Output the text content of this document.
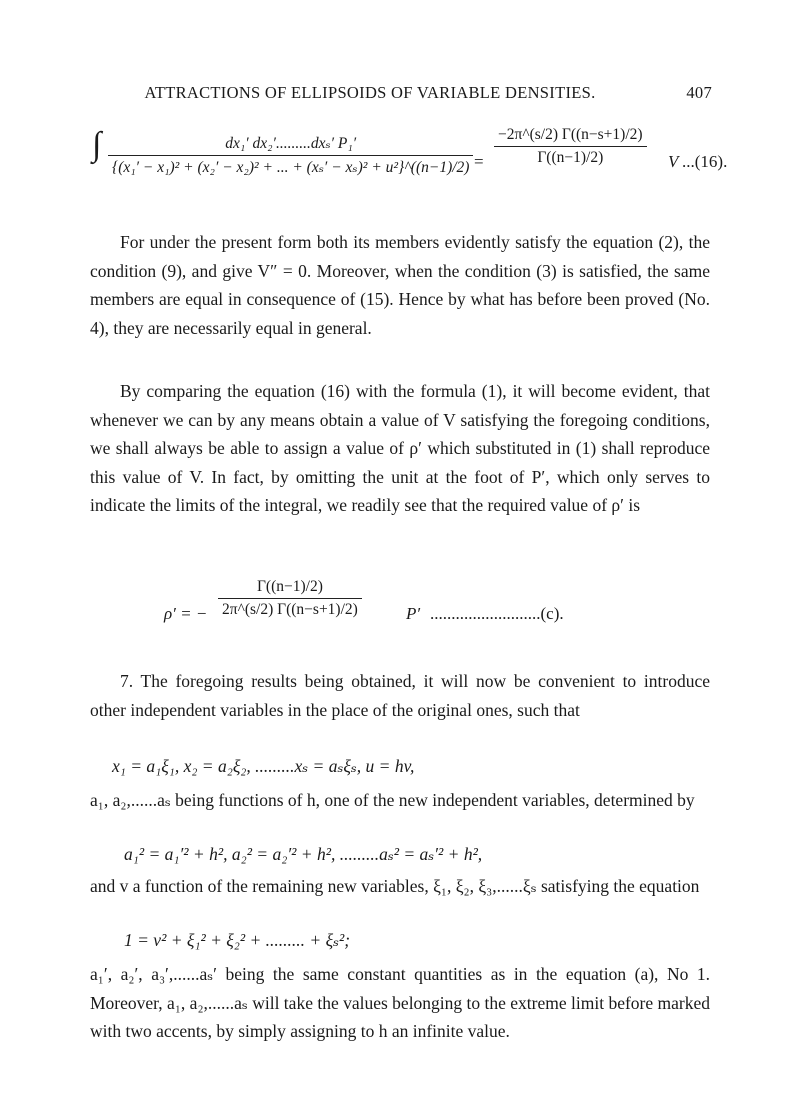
ATTRACTIONS OF ELLIPSOIDS OF VARIABLE DENSITIES.	407
∫	dx₁′ dx₂′.........dxₛ′ P₁′
{(x₁′ − x₁)² + (x₂′ − x₂)² + ... + (xₛ′ − xₛ)² + u²}^((n−1)/2) = $\frac{-2\pi\^{}(s/2) \Gamma((n-s+1)/2)}{\Gamma((n-1)/2)}$ V ...(16).

For under the present form both its members evidently satisfy the equation (2), the condition (9), and give V″ = 0. Moreover, when the condition (3) is satisfied, the same members are equal in consequence of (15). Hence by what has before been proved (No. 4), they are necessarily equal in general.

By comparing the equation (16) with the formula (1), it will become evident, that whenever we can by any means obtain a value of V satisfying the foregoing conditions, we shall always be able to assign a value of ρ′ which substituted in (1) shall reproduce this value of V. In fact, by omitting the unit at the foot of P′, which only serves to indicate the limits of the integral, we readily see that the required value of ρ′ is

ρ′ = − $\frac{\Gamma((n-1)/2)}{2\pi\^{}(s/2) \Gamma((n-s+1)/2)}$	P′ ..........................(c).

7. The foregoing results being obtained, it will now be convenient to introduce other independent variables in the place of the original ones, such that

x₁ = a₁ξ₁, x₂ = a₂ξ₂, .........xₛ = aₛξₛ, u = hv,

a₁, a₂,......aₛ being functions of h, one of the new independent variables, determined by

a₁² = a₁′² + h², a₂² = a₂′² + h², .........aₛ² = aₛ′² + h²,

and v a function of the remaining new variables, ξ₁, ξ₂, ξ₃,......ξₛ satisfying the equation

1 = v² + ξ₁² + ξ₂² + ......... + ξₛ²;

a₁′, a₂′, a₃′,......aₛ′ being the same constant quantities as in the equation (a), No 1. Moreover, a₁, a₂,......aₛ will take the values belonging to the extreme limit before marked with two accents, by simply assigning to h an infinite value.
